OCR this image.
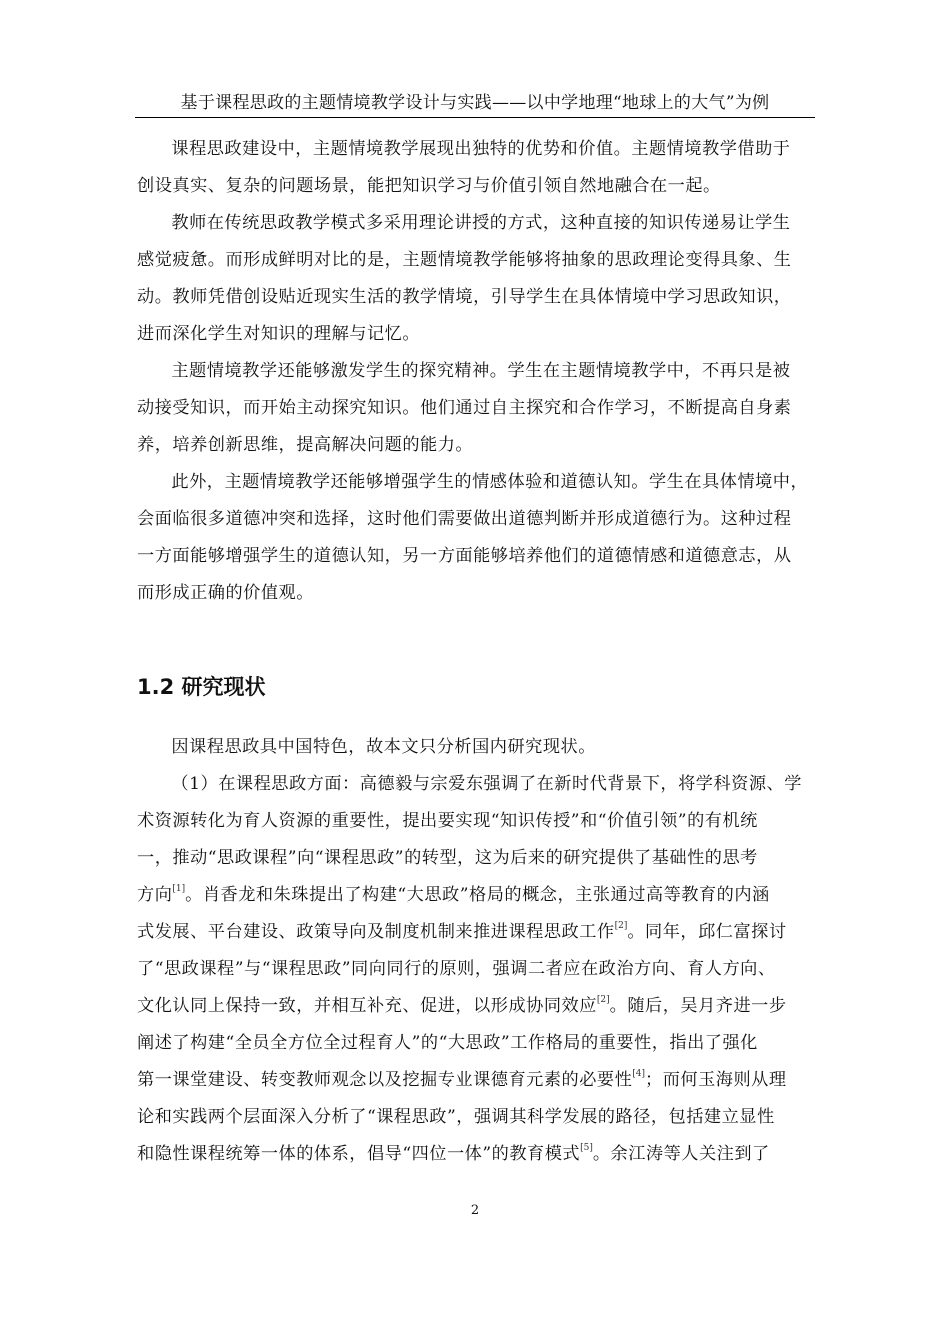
基于课程思政的主题情境教学设计与实践——以中学地理“地球上的大气”为例

课程思政建设中，主题情境教学展现出独特的优势和价值。主题情境教学借助于
创设真实、复杂的问题场景，能把知识学习与价值引领自然地融合在一起。

教师在传统思政教学模式多采用理论讲授的方式，这种直接的知识传递易让学生
感觉疲惫。而形成鲜明对比的是，主题情境教学能够将抽象的思政理论变得具象、生
动。教师凭借创设贴近现实生活的教学情境，引导学生在具体情境中学习思政知识，
进而深化学生对知识的理解与记忆。

主题情境教学还能够激发学生的探究精神。学生在主题情境教学中，不再只是被
动接受知识，而开始主动探究知识。他们通过自主探究和合作学习，不断提高自身素
养，培养创新思维，提高解决问题的能力。

此外，主题情境教学还能够增强学生的情感体验和道德认知。学生在具体情境中，
会面临很多道德冲突和选择，这时他们需要做出道德判断并形成道德行为。这种过程
一方面能够增强学生的道德认知，另一方面能够培养他们的道德情感和道德意志，从
而形成正确的价值观。

1.2 研究现状
因课程思政具中国特色，故本文只分析国内研究现状。
（1）在课程思政方面：高德毅与宗爱东强调了在新时代背景下，将学科资源、学
术资源转化为育人资源的重要性，提出要实现“知识传授”和“价值引领”的有机统
一，推动“思政课程”向“课程思政”的转型，这为后来的研究提供了基础性的思考
方向[1]。肖香龙和朱珠提出了构建“大思政”格局的概念，主张通过高等教育的内涵
式发展、平台建设、政策导向及制度机制来推进课程思政工作[2]。同年，邱仁富探讨
了“思政课程”与“课程思政”同向同行的原则，强调二者应在政治方向、育人方向、
文化认同上保持一致，并相互补充、促进，以形成协同效应[2]。随后，吴月齐进一步
阐述了构建“全员全方位全过程育人”的“大思政”工作格局的重要性，指出了强化
第一课堂建设、转变教师观念以及挖掘专业课德育元素的必要性[4]；而何玉海则从理
论和实践两个层面深入分析了“课程思政”，强调其科学发展的路径，包括建立显性
和隐性课程统筹一体的体系，倡导“四位一体”的教育模式[5]。余江涛等人关注到了
2
